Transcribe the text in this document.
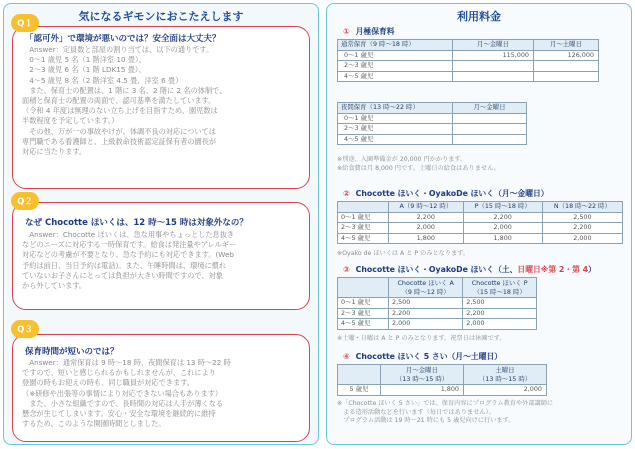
気になるギモンにおこたえします
「認可外」で環境が悪いのでは？安全面は大丈夫？

　Answer：定員数と部屋の割り当ては、以下の通りです。

　0〜1 歳児 5 名（1 階洋室 10 畳）、

　2〜3 歳児 6 名（1 階 LDK15 畳）、

　4〜5 歳児 8 名（2 階洋室 4.5 畳、洋室 6 畳）

　また、保育士の配置は、1 階に 3 名、2 階に 2 名の体制で、

面積と保育士の配置の両面で、認可基準を満たしています。

（令和 4 年度は無理のない立ち上げを目指すため、園児数は

半数程度を予定しています。）

　その他、万が一の事故やけが、体調不良の対応については

専門職である看護師と、上級救命技術認定証保有者の園長が

対応に当たります。

Q１
なぜ Chocotte ほいくは、12 時〜15 時は対象外なの？

　Answer：Chocotte ほいくは、急な用事やちょっとした息抜き

などのニーズに対応する一時保育です。給食は発注量やアレルギー

対応などの考慮が不要となり、急な予約にも対応できます。(Web

予約は前日、当日予約は電話)。また、午睡時間は、環境に慣れ

ていないお子さんにとっては負担が大きい時間ですので、対象

から外しています。

Q２
保育時間が短いのでは？

　Answer：通常保育は 9 時〜18 時、夜間保育は 13 時〜22 時

ですので、短いと感じられるかもしれませんが、これにより

登園の時もお迎えの時も、同じ職員が対応できます。

（※研修や出張等の事情により対応できない場合もあります）

　また、小さな組織ですので、長時間の対応は人手が薄くなる

懸念が生じてしまいます。安心・安全な環境を継続的に維持

するため、このような開園時間としました。

Q３
利用料金
① 月極保育料
通常保育（9 時〜18 時）	月〜金曜日	月〜土曜日
0〜1 歳児	115,000	126,000
2〜3 歳児		
4〜5 歳児		
夜間保育（13 時〜22 時）	月〜金曜日
0〜1 歳児	
2〜3 歳児	
4〜5 歳児	
※別途、入園準備金が 20,000 円かかります。
※給食費は月 8,000 円です。土曜日の給食はありません。
② Chocotte ほいく・OyakoDe ほいく（月〜金曜日）
	A（9 時〜12 時）	P（15 時〜18 時）	N（18 時〜22 時）
0〜1 歳児	2,200	2,200	2,500
2〜3 歳児	2,000	2,000	2,200
4〜5 歳児	1,800	1,800	2,000
※Oyako de ほいくは A と P のみとなります。
③ Chocotte ほいく・OyakoDe ほいく（土、日曜日※第 2・第 4）
	Chocotte ほいく A
（9 時〜12 時）	Chocotte ほいく P
（15 時〜18 時）
0〜1 歳児	2,500	2,500
2〜3 歳児	2,200	2,200
4〜5 歳児	2,000	2,000
※土曜・日曜は A と P のみとなります。祝祭日は休園です。
④ Chocotte ほいく 5 さい（月〜土曜日）
	月〜金曜日
（13 時〜15 時）	土曜日
（13 時〜15 時）
5 歳児	1,800	2,000
※「Chocotte ほいく 5 さい」では、保育内容にプログラム教育や外部講師に
　よる造形活動などを行います（毎日ではありません）。
　プログラム活動は 19 時〜21 時にも 5 歳児向けに行います。
